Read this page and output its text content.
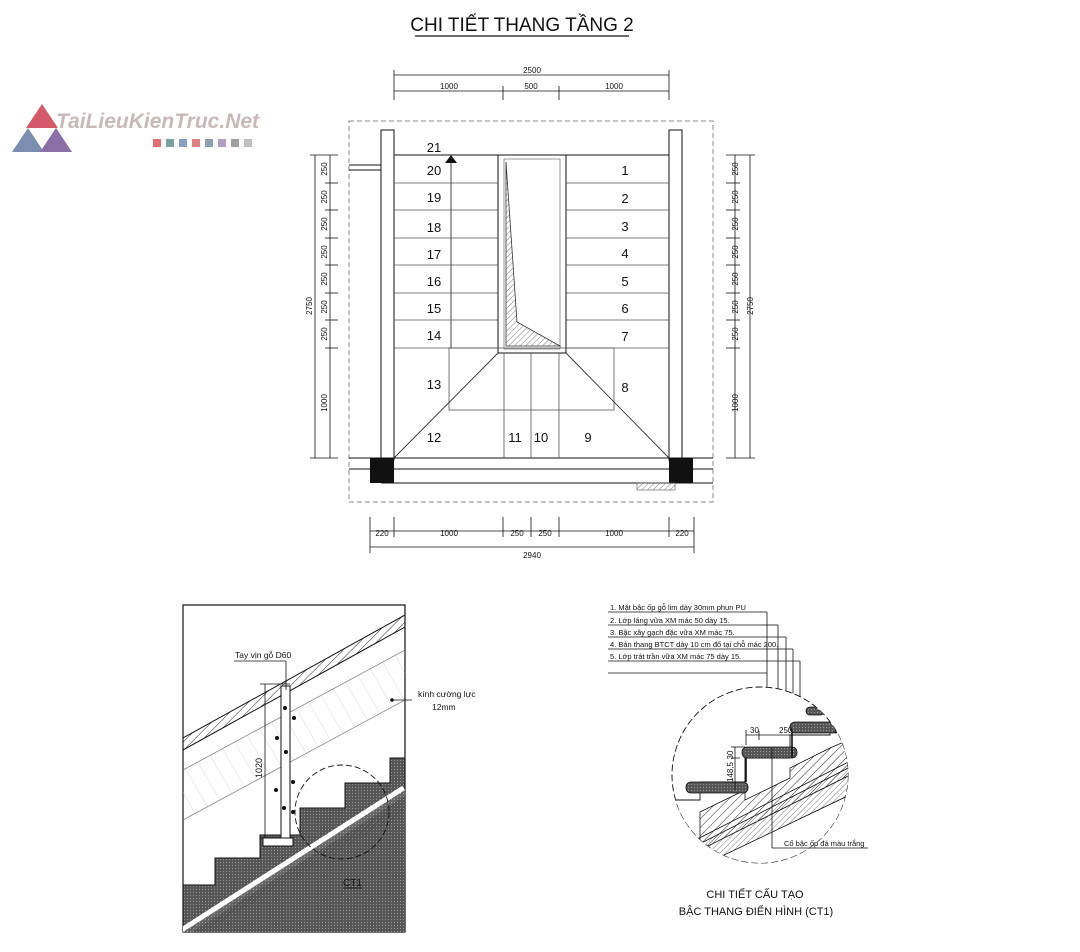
CHI TIẾT THANG TẦNG 2
TaiLieuKienTruc.Net
2500
1000	500	1000
220	1000	250 250	1000	220
2940
250
250
250
250
250
250
250
1000
2750
250
250
250
250
250
250
250
1000
2750
21
20
19
18
17
16
15
14
13
12	11 10
1
2
3
4
5
6
7
8
9
1020
Tay vịn gỗ D60
kính cường lực
12mm
CT1
1. Mặt bậc ốp gỗ lim dày 30mm phun PU
2. Lớp láng vữa XM mác 50 dày 15.
3. Bậc xây gạch đặc vữa XM mác 75.
4. Bản thang BTCT dày 10 cm đổ tại chỗ mác 200.
5. Lớp trát trần vữa XM mác 75 dày 15.
30	250
30
148,5
Cổ bậc ốp đá màu trắng
CHI TIẾT CẤU TẠO
BẬC THANG ĐIỂN HÌNH (CT1)
